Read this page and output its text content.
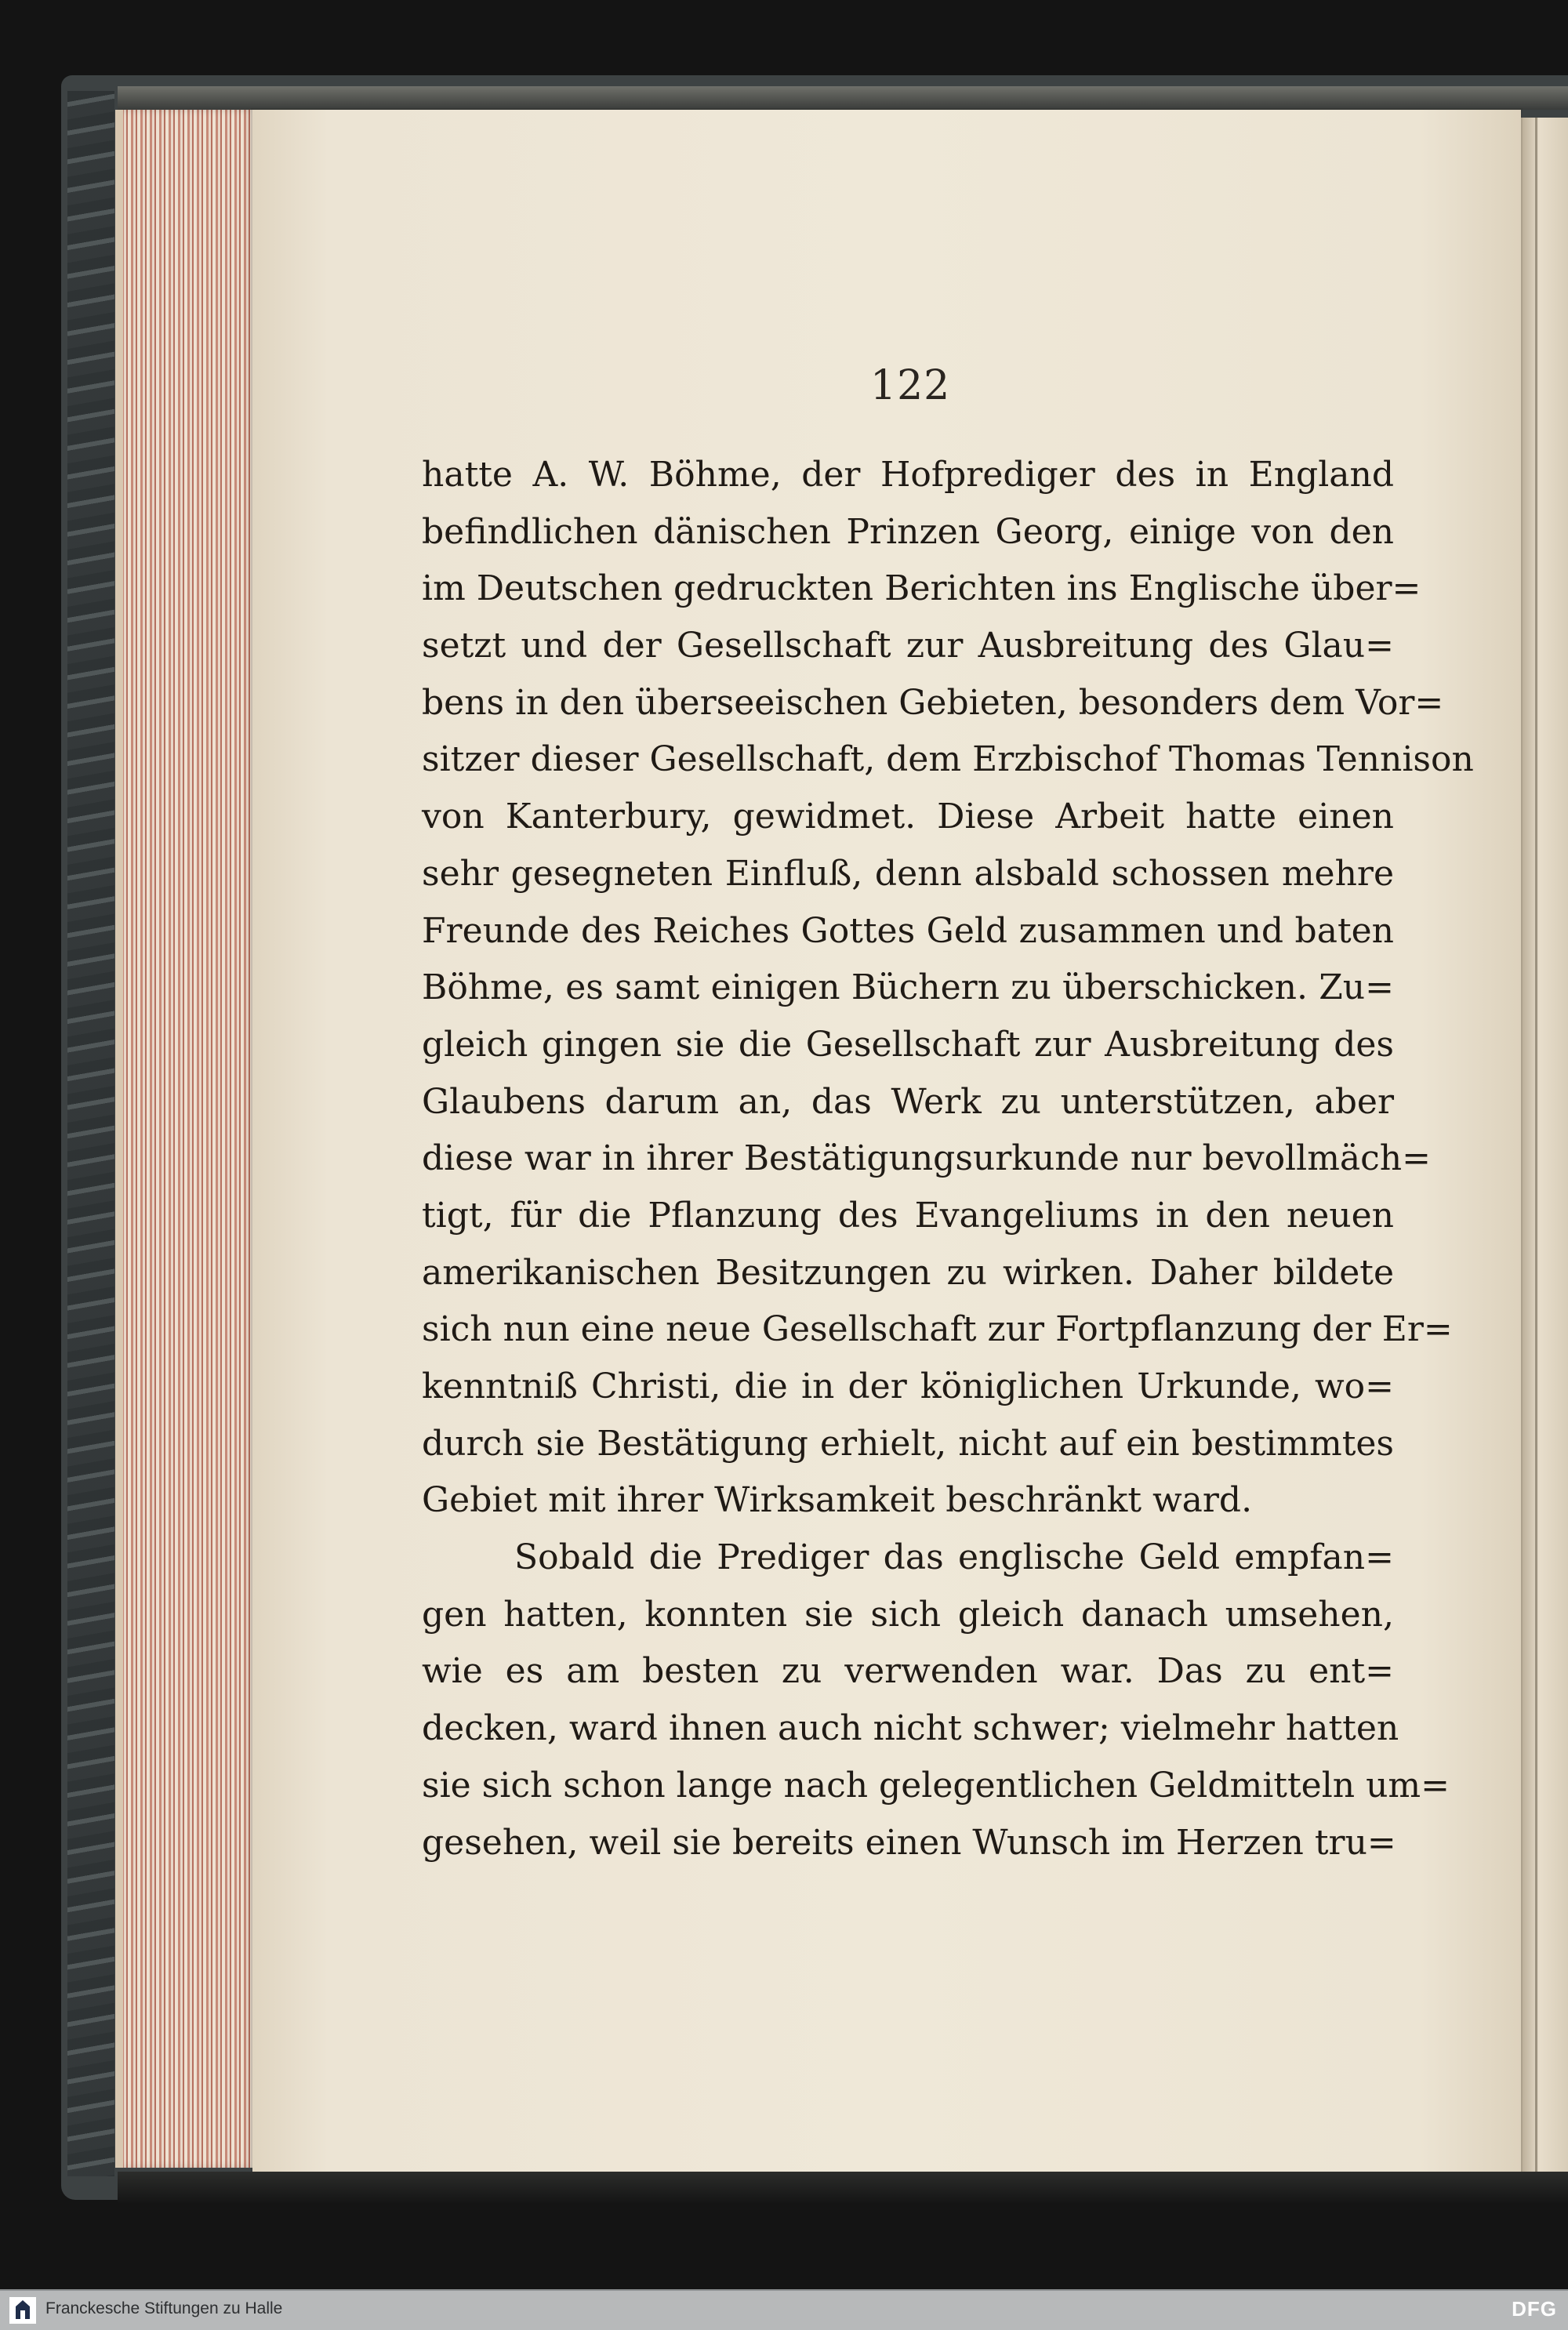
122
hatte A. W. Böhme, der Hofprediger des in England
befindlichen dänischen Prinzen Georg, einige von den
im Deutschen gedruckten Berichten ins Englische über=
setzt und der Gesellschaft zur Ausbreitung des Glau=
bens in den überseeischen Gebieten, besonders dem Vor=
sitzer dieser Gesellschaft, dem Erzbischof Thomas Tennison
von Kanterbury, gewidmet. Diese Arbeit hatte einen
sehr gesegneten Einfluß, denn alsbald schossen mehre
Freunde des Reiches Gottes Geld zusammen und baten
Böhme, es samt einigen Büchern zu überschicken. Zu=
gleich gingen sie die Gesellschaft zur Ausbreitung des
Glaubens darum an, das Werk zu unterstützen, aber
diese war in ihrer Bestätigungsurkunde nur bevollmäch=
tigt, für die Pflanzung des Evangeliums in den neuen
amerikanischen Besitzungen zu wirken. Daher bildete
sich nun eine neue Gesellschaft zur Fortpflanzung der Er=
kenntniß Christi, die in der königlichen Urkunde, wo=
durch sie Bestätigung erhielt, nicht auf ein bestimmtes
Gebiet mit ihrer Wirksamkeit beschränkt ward.
Sobald die Prediger das englische Geld empfan=
gen hatten, konnten sie sich gleich danach umsehen,
wie es am besten zu verwenden war. Das zu ent=
decken, ward ihnen auch nicht schwer; vielmehr hatten
sie sich schon lange nach gelegentlichen Geldmitteln um=
gesehen, weil sie bereits einen Wunsch im Herzen tru=
Franckesche Stiftungen zu Halle	DFG
